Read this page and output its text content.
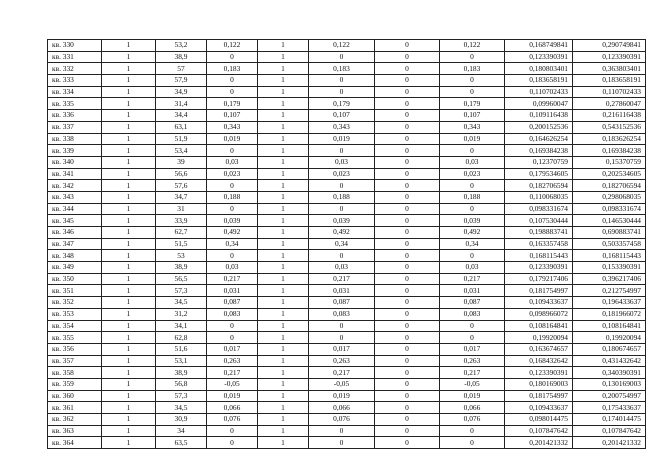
кв. 330	1	53,2	0,122	1	0,122	0	0,122	0,168749841	0,290749841
кв. 331	1	38,9	0	1	0	0	0	0,123390391	0,123390391
кв. 332	1	57	0,183	1	0,183	0	0,183	0,180803401	0,363803401
кв. 333	1	57,9	0	1	0	0	0	0,183658191	0,183658191
кв. 334	1	34,9	0	1	0	0	0	0,110702433	0,110702433
кв. 335	1	31,4	0,179	1	0,179	0	0,179	0,09960047	0,27860047
кв. 336	1	34,4	0,107	1	0,107	0	0,107	0,109116438	0,216116438
кв. 337	1	63,1	0,343	1	0,343	0	0,343	0,200152536	0,543152536
кв. 338	1	51,9	0,019	1	0,019	0	0,019	0,164626254	0,183626254
кв. 339	1	53,4	0	1	0	0	0	0,169384238	0,169384238
кв. 340	1	39	0,03	1	0,03	0	0,03	0,12370759	0,15370759
кв. 341	1	56,6	0,023	1	0,023	0	0,023	0,179534605	0,202534605
кв. 342	1	57,6	0	1	0	0	0	0,182706594	0,182706594
кв. 343	1	34,7	0,188	1	0,188	0	0,188	0,110068035	0,298068035
кв. 344	1	31	0	1	0	0	0	0,098331674	0,098331674
кв. 345	1	33,9	0,039	1	0,039	0	0,039	0,107530444	0,146530444
кв. 346	1	62,7	0,492	1	0,492	0	0,492	0,198883741	0,690883741
кв. 347	1	51,5	0,34	1	0,34	0	0,34	0,163357458	0,503357458
кв. 348	1	53	0	1	0	0	0	0,168115443	0,168115443
кв. 349	1	38,9	0,03	1	0,03	0	0,03	0,123390391	0,153390391
кв. 350	1	56,5	0,217	1	0,217	0	0,217	0,179217406	0,396217406
кв. 351	1	57,3	0,031	1	0,031	0	0,031	0,181754997	0,212754997
кв. 352	1	34,5	0,087	1	0,087	0	0,087	0,109433637	0,196433637
кв. 353	1	31,2	0,083	1	0,083	0	0,083	0,098966072	0,181966072
кв. 354	1	34,1	0	1	0	0	0	0,108164841	0,108164841
кв. 355	1	62,8	0	1	0	0	0	0,19920094	0,19920094
кв. 356	1	51,6	0,017	1	0,017	0	0,017	0,163674657	0,180674657
кв. 357	1	53,1	0,263	1	0,263	0	0,263	0,168432642	0,431432642
кв. 358	1	38,9	0,217	1	0,217	0	0,217	0,123390391	0,340390391
кв. 359	1	56,8	-0,05	1	-0,05	0	-0,05	0,180169003	0,130169003
кв. 360	1	57,3	0,019	1	0,019	0	0,019	0,181754997	0,200754997
кв. 361	1	34,5	0,066	1	0,066	0	0,066	0,109433637	0,175433637
кв. 362	1	30,9	0,076	1	0,076	0	0,076	0,098014475	0,174014475
кв. 363	1	34	0	1	0	0	0	0,107847642	0,107847642
кв. 364	1	63,5	0	1	0	0	0	0,201421332	0,201421332
